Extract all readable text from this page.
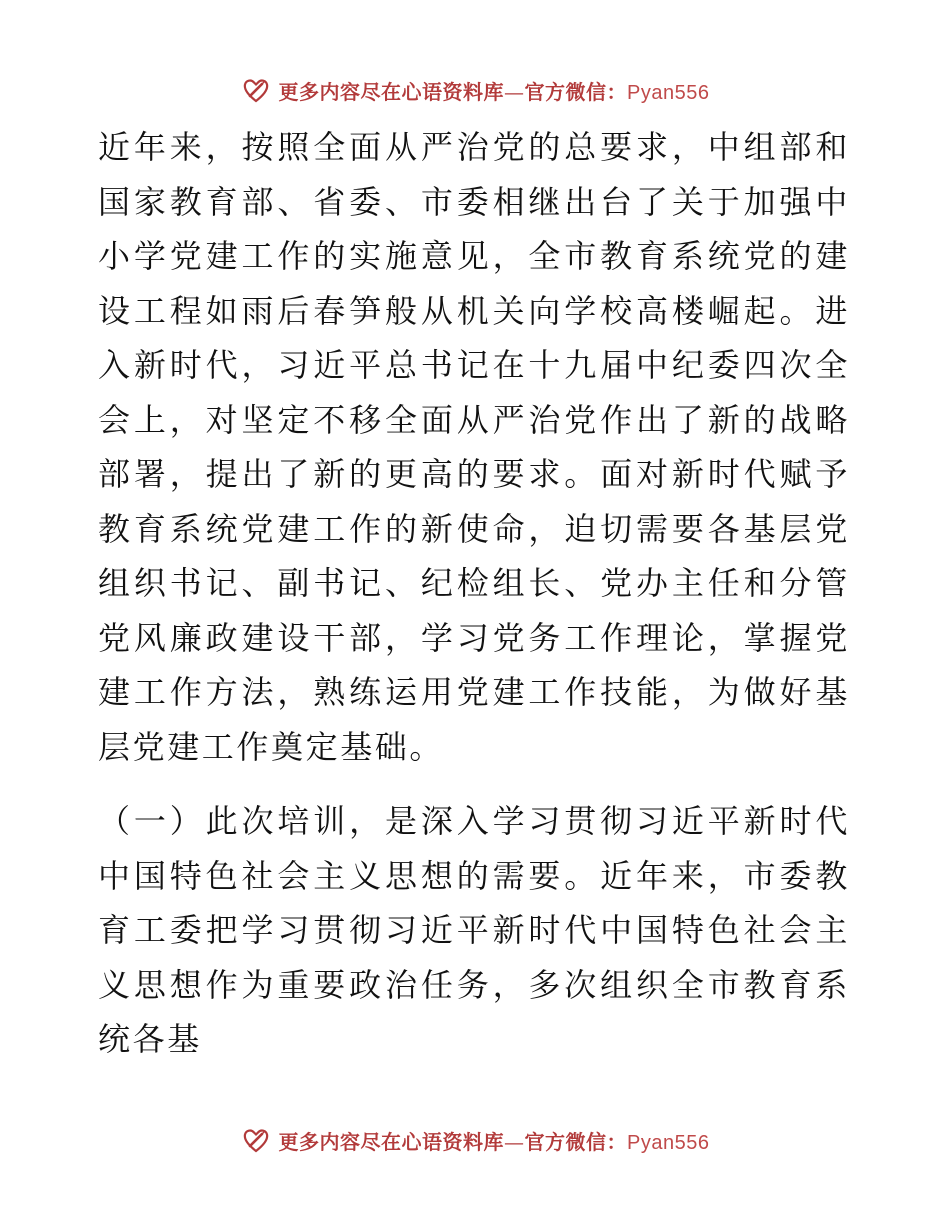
更多内容尽在心语资料库—官方微信：Pyan556

近年来，按照全面从严治党的总要求，中组部和国家教育部、省委、市委相继出台了关于加强中小学党建工作的实施意见，全市教育系统党的建设工程如雨后春笋般从机关向学校高楼崛起。进入新时代，习近平总书记在十九届中纪委四次全会上，对坚定不移全面从严治党作出了新的战略部署，提出了新的更高的要求。面对新时代赋予教育系统党建工作的新使命，迫切需要各基层党组织书记、副书记、纪检组长、党办主任和分管党风廉政建设干部，学习党务工作理论，掌握党建工作方法，熟练运用党建工作技能，为做好基层党建工作奠定基础。

（一）此次培训，是深入学习贯彻习近平新时代中国特色社会主义思想的需要。近年来，市委教育工委把学习贯彻习近平新时代中国特色社会主义思想作为重要政治任务，多次组织全市教育系统各基

更多内容尽在心语资料库—官方微信：Pyan556
